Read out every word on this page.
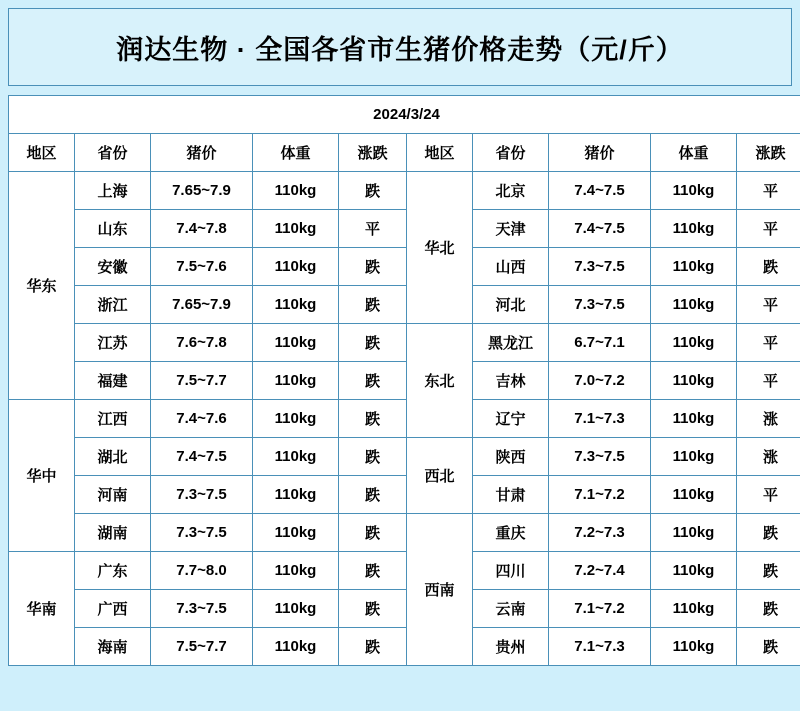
润达生物 · 全国各省市生猪价格走势（元/斤）
2024/3/24									
地区	省份	猪价	体重	涨跌	地区	省份	猪价	体重	涨跌
华东	上海	7.65~7.9	110kg	跌	华北	北京	7.4~7.5	110kg	平
	山东	7.4~7.8	110kg	平		天津	7.4~7.5	110kg	平
	安徽	7.5~7.6	110kg	跌		山西	7.3~7.5	110kg	跌
	浙江	7.65~7.9	110kg	跌		河北	7.3~7.5	110kg	平
	江苏	7.6~7.8	110kg	跌	东北	黑龙江	6.7~7.1	110kg	平
	福建	7.5~7.7	110kg	跌		吉林	7.0~7.2	110kg	平
华中	江西	7.4~7.6	110kg	跌		辽宁	7.1~7.3	110kg	涨
	湖北	7.4~7.5	110kg	跌	西北	陕西	7.3~7.5	110kg	涨
	河南	7.3~7.5	110kg	跌		甘肃	7.1~7.2	110kg	平
	湖南	7.3~7.5	110kg	跌	西南	重庆	7.2~7.3	110kg	跌
华南	广东	7.7~8.0	110kg	跌		四川	7.2~7.4	110kg	跌
	广西	7.3~7.5	110kg	跌		云南	7.1~7.2	110kg	跌
	海南	7.5~7.7	110kg	跌		贵州	7.1~7.3	110kg	跌
